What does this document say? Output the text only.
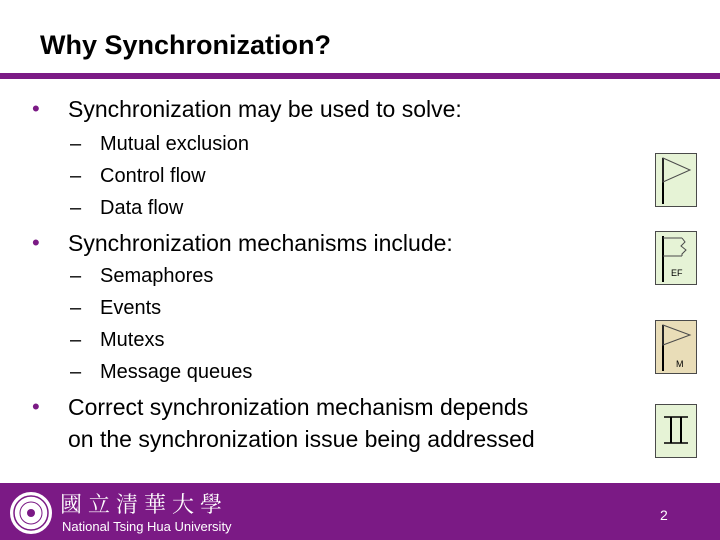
Why Synchronization?
• Synchronization may be used to solve:
– Mutual exclusion
– Control flow
– Data flow
• Synchronization mechanisms include:
– Semaphores
– Events
– Mutexs
– Message queues
• Correct synchronization mechanism depends
on the synchronization issue being addressed
EF
M
國立清華大學
National Tsing Hua University
2
